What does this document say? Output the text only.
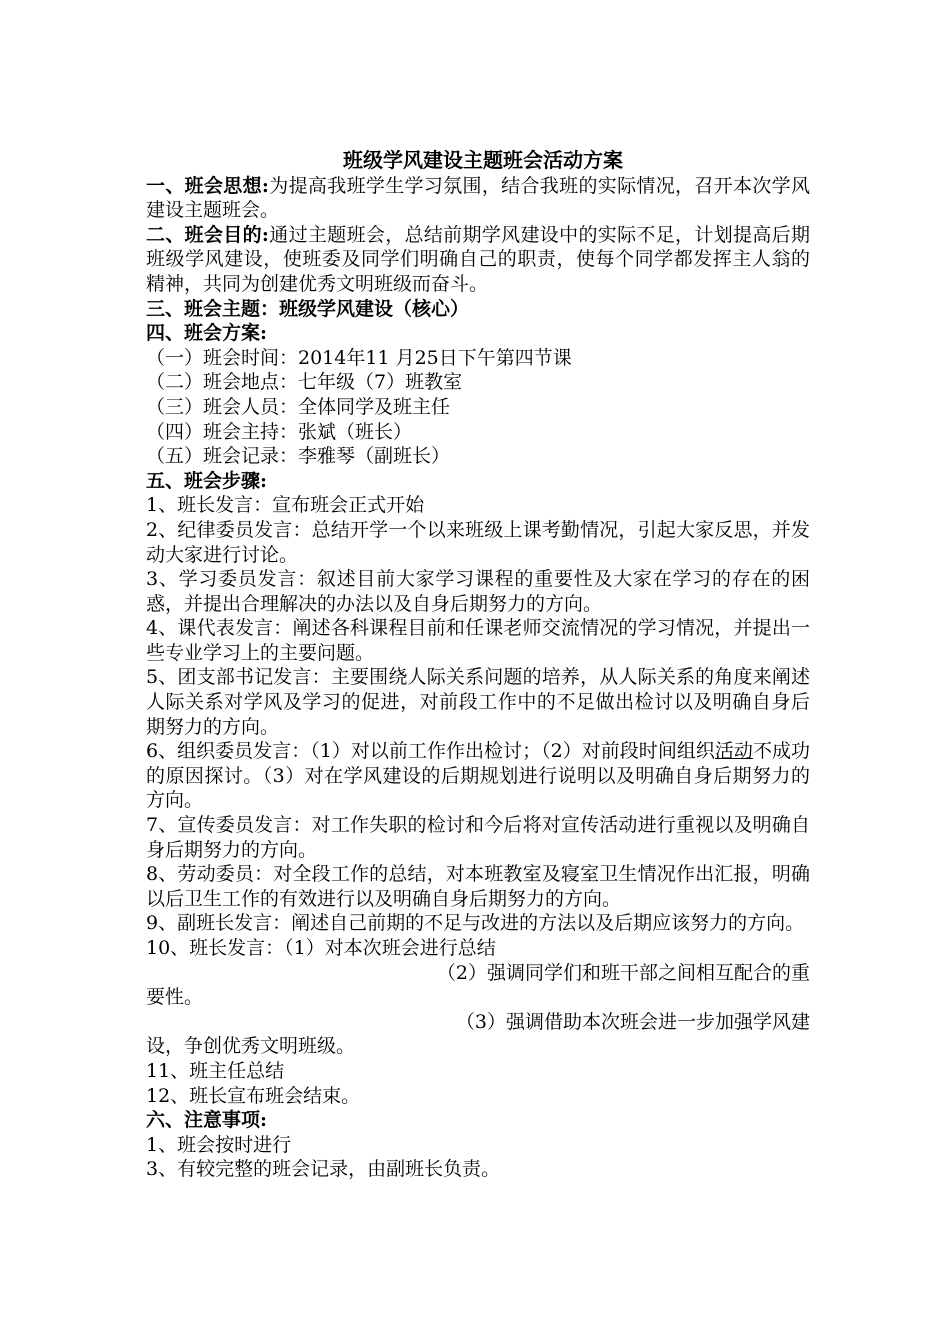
班级学风建设主题班会活动方案

一、班会思想:为提高我班学生学习氛围，结合我班的实际情况，召开本次学风建设主题班会。

二、班会目的:通过主题班会，总结前期学风建设中的实际不足，计划提高后期班级学风建设，使班委及同学们明确自己的职责，使每个同学都发挥主人翁的精神，共同为创建优秀文明班级而奋斗。

三、班会主题：班级学风建设（核心）

四、班会方案:

（一）班会时间：2014年11 月25日下午第四节课

（二）班会地点：七年级（7）班教室

（三）班会人员：全体同学及班主任

（四）班会主持：张斌（班长）

（五）班会记录：李雅琴（副班长）

五、班会步骤:

1、班长发言：宣布班会正式开始

2、纪律委员发言：总结开学一个以来班级上课考勤情况，引起大家反思，并发动大家进行讨论。

3、学习委员发言：叙述目前大家学习课程的重要性及大家在学习的存在的困惑，并提出合理解决的办法以及自身后期努力的方向。

4、课代表发言：阐述各科课程目前和任课老师交流情况的学习情况，并提出一些专业学习上的主要问题。

5、团支部书记发言：主要围绕人际关系问题的培养，从人际关系的角度来阐述人际关系对学风及学习的促进，对前段工作中的不足做出检讨以及明确自身后期努力的方向。

6、组织委员发言：（1）对以前工作作出检讨；（2）对前段时间组织活动不成功的原因探讨。（3）对在学风建设的后期规划进行说明以及明确自身后期努力的方向。

7、宣传委员发言：对工作失职的检讨和今后将对宣传活动进行重视以及明确自身后期努力的方向。

8、劳动委员：对全段工作的总结，对本班教室及寝室卫生情况作出汇报，明确以后卫生工作的有效进行以及明确自身后期努力的方向。

9、副班长发言：阐述自己前期的不足与改进的方法以及后期应该努力的方向。

10、班长发言：（1）对本次班会进行总结

（2）强调同学们和班干部之间相互配合的重

要性。

（3）强调借助本次班会进一步加强学风建

设，争创优秀文明班级。

11、班主任总结

12、班长宣布班会结束。

六、注意事项:

1、班会按时进行

3、有较完整的班会记录，由副班长负责。
